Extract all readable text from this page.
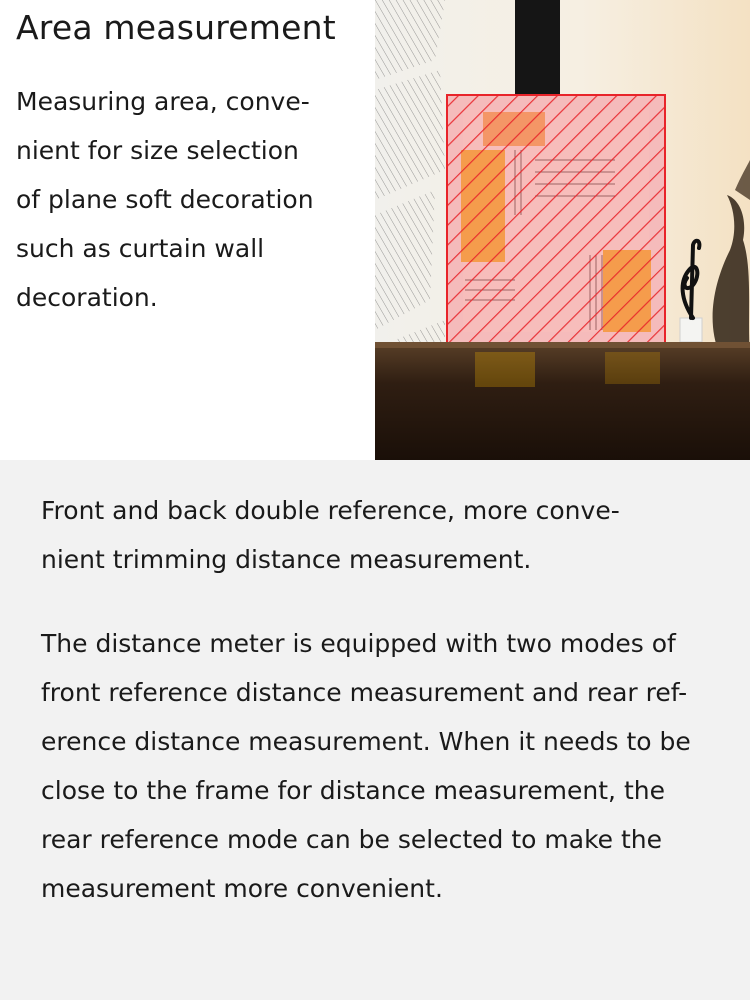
Area measurement
Measuring area, conve-
nient for size selection
of plane soft decoration
such as curtain wall
decoration.
Front and back double reference, more conve-
nient trimming distance measurement.
The distance meter is equipped with two modes of
front reference distance measurement and rear ref-
erence distance measurement. When it needs to be
close to the frame for distance measurement, the
rear reference mode can be selected to make the
measurement more convenient.
